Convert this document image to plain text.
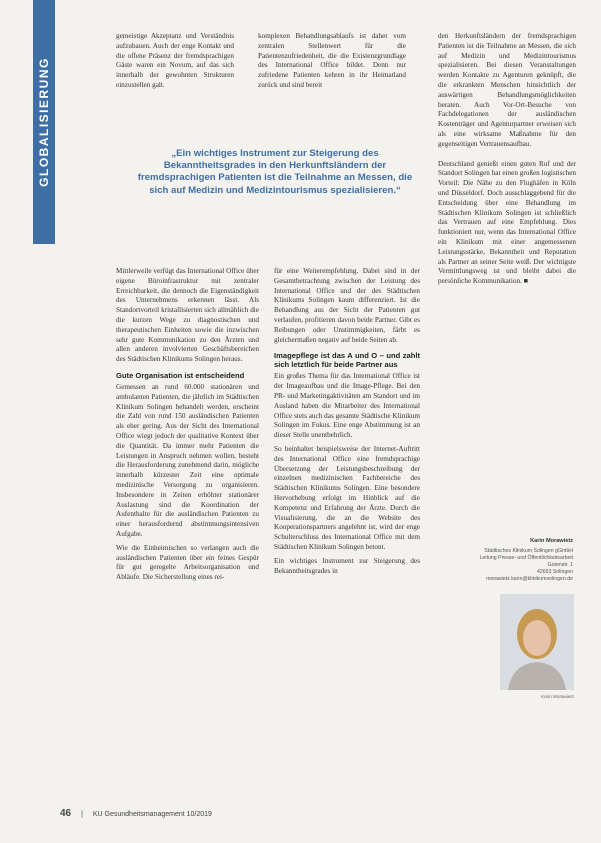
GLOBALISIERUNG

gemeistige Akzeptanz und Verständnis aufzubauen. Auch der enge Kontakt und die offene Präsenz der fremdsprachigen Gäste waren ein Novum, auf das sich innerhalb der gewohnten Strukturen einzustellen galt.

komplexen Behandlungsablaufs ist daher vom zentralen Stellenwert für die Patientenzufriedenheit, die die Existenzgrundlage des International Office bildet. Denn nur zufriedene Patienten kehren in ihr Heimatland zurück und sind bereit

den Herkunftsländern der fremdsprachigen Patienten ist die Teilnahme an Messen, die sich auf Medizin und Medizintourismus spezialisieren. Bei diesen Veranstaltungen werden Kontakte zu Agenturen geknüpft, die die erkrankten Menschen hinsichtlich der auswärtigen Behandlungsmöglichkeiten beraten. Auch Vor-Ort-Besuche von Fachdelegationen der ausländischen Kostenträger und Agenturpartner erweisen sich als eine wirksame Maßnahme für den gegenseitigen Vertrauensaufbau.

Deutschland genießt einen guten Ruf und der Standort Solingen hat einen großen logistischen Vorteil: Die Nähe zu den Flughäfen in Köln und Düsseldorf. Doch ausschlaggebend für die Entscheidung über eine Behandlung im Städtischen Klinikum Solingen ist schließlich das Vertrauen auf eine Empfehlung. Dies funktioniert nur, wenn das International Office ein Klinikum mit einer angemessenen Leistungsstärke, Bekanntheit und Reputation als Partner an seiner Seite weiß. Der wichtigste Vermittlungsweg ist und bleibt dabei die persönliche Kommunikation. ■

„Ein wichtiges Instrument zur Steigerung des Bekanntheitsgrades in den Herkunftsländern der fremdsprachigen Patienten ist die Teilnahme an Messen, die sich auf Medizin und Medizintourismus spezialisieren.“

Mittlerweile verfügt das International Office über eigene Büroinfrastruktur mit zentraler Erreichbarkeit, die dennoch die Eigenständigkeit des Unternehmens erkennen lässt. Als Standortvorteil kristallisierten sich allmählich die die kurzen Wege zu diagnostischen und therapeutischen Einheiten sowie die inzwischen sehr gute Kommunikation zu den Ärzten und allen anderen involvierten Geschäftsbereichen des Städtischen Klinikums Solingen heraus.

Gute Organisation ist entscheidend

Gemessen an rund 60.000 stationären und ambulanten Patienten, die jährlich im Städtischen Klinikum Solingen behandelt werden, erscheint die Zahl von rund 150 ausländischen Patienten als eher gering. Aus der Sicht des International Office wiegt jedoch der qualitative Kontext über die Quantität. Da immer mehr Patienten die Leistungen in Anspruch nehmen wollen, besteht die Herausforderung zunehmend darin, mögliche innerhalb kürzester Zeit eine optimale medizinische Versorgung zu organisieren. Insbesondere in Zeiten erhöhter stationärer Auslastung sind die Koordination der Aufenthalte für die ausländischen Patienten zu einer herausfordernd abstimmungsintensiven Aufgabe.

Wie die Einheimischen so verlangen auch die ausländischen Patienten über ein feines Gespür für gut geregelte Arbeitsorganisation und Abläufe. Die Sicherstellung eines rei-

für eine Weiterempfehlung. Dabei sind in der Gesamtbetrachtung zwischen der Leistung des International Office und der des Städtischen Klinikums Solingen kaum differenziert. Ist die Behandlung aus der Sicht der Patienten gut verlaufen, profitieren davon beide Partner. Gibt es Reibungen oder Unstimmigkeiten, färbt es gleichermaßen negativ auf beide Seiten ab.

Imagepflege ist das A und O – und zahlt sich letztlich für beide Partner aus

Ein großes Thema für das International Office ist der Imageaufbau und die Image-Pflege. Bei den PR- und Marketingaktivitäten am Standort und im Ausland haben die Mitarbeiter des International Office stets auch das gesamte Städtische Klinikum Solingen im Fokus. Eine enge Abstimmung ist an dieser Stelle unentbehrlich.

So beinhaltet beispielsweise der Internet-Auftritt des International Office eine fremdsprachige Übersetzung der Leistungsbeschreibung der einzelnen medizinischen Fachbereiche des Städtischen Klinikums Solingen. Eine besondere Hervorhebung erfolgt im Hinblick auf die Kompetenz und Erfahrung der Ärzte. Durch die Visualisierung, die an die Website des Kooperationspartners angelehnt ist, wird der enge Schulterschluss des International Office mit dem Städtischen Klinikum Solingen betont.

Ein wichtiges Instrument zur Steigerung des Bekanntheitsgrades in

Karin Morawietz
Städtisches Klinikum Solingen gGmbH
Leitung Presse- und Öffentlichkeitsarbeit
Gotenstr. 1
42653 Solingen
morawietz.karin@klinikumsolingen.de
Karin Morawietz
46 | KU Gesundheitsmanagement 10/2019
